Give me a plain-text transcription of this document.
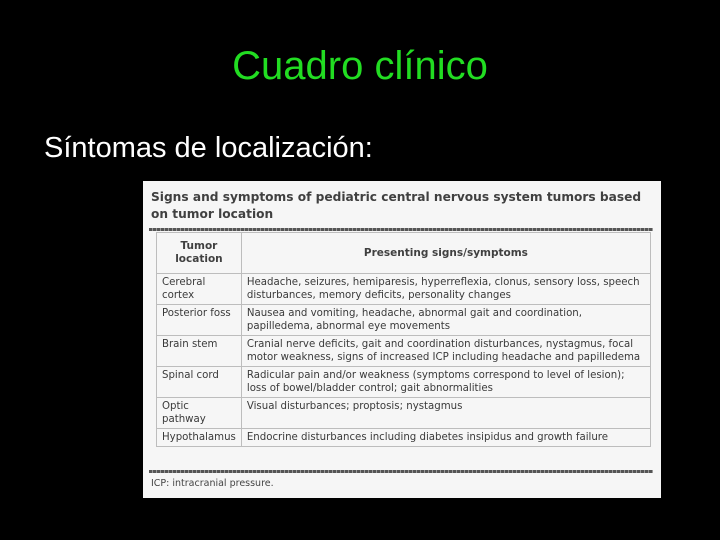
Cuadro clínico
Síntomas de localización:
Signs and symptoms of pediatric central nervous system tumors based on tumor location
Tumor location	Presenting signs/symptoms
Cerebral cortex	Headache, seizures, hemiparesis, hyperreflexia, clonus, sensory loss, speech disturbances, memory deficits, personality changes
Posterior foss	Nausea and vomiting, headache, abnormal gait and coordination, papilledema, abnormal eye movements
Brain stem	Cranial nerve deficits, gait and coordination disturbances, nystagmus, focal motor weakness, signs of increased ICP including headache and papilledema
Spinal cord	Radicular pain and/or weakness (symptoms correspond to level of lesion); loss of bowel/bladder control; gait abnormalities
Optic pathway	Visual disturbances; proptosis; nystagmus
Hypothalamus	Endocrine disturbances including diabetes insipidus and growth failure
ICP: intracranial pressure.
